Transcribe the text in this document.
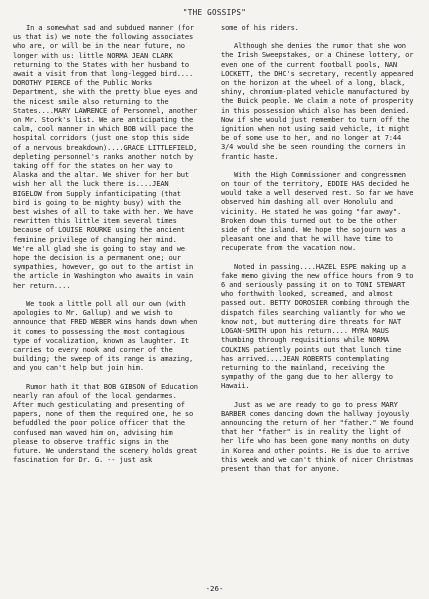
"THE GOSSIPS"

In a somewhat sad and subdued manner (for us that is) we note the following associates who are, or will be in the near future, no longer with us: little NORMA JEAN CLARK returning to the States with her husband to await a visit from that long-legged bird.... DOROTHY PIERCE of the Public Works Department, she with the pretty blue eyes and the nicest smile also returning to the States....MARY LAWRENCE of Personnel, another on Mr. Stork's list. We are anticipating the calm, cool manner in which BOB will pace the hospital corridors (just one stop this side of a nervous breakdown)....GRACE LITTLEFIELD, depleting personnel's ranks another notch by taking off for the states on her way to Alaska and the altar. We shiver for her but wish her all the luck there is....JEAN BIGELOW from Supply infanticipating (that bird is going to be mighty busy) with the best wishes of all to take with her. We have rewritten this little item several times because of LOUISE ROURKE using the ancient feminine privilege of changing her mind. We're all glad she is going to stay and we hope the decision is a permanent one; our sympathies, however, go out to the artist in the article in Washington who awaits in vain her return....

We took a little poll all our own (with apologies to Mr. Gallup) and we wish to announce that FRED WEBER wins hands down when it comes to possessing the most contagious type of vocalization, known as laughter. It carries to every nook and corner of the building; the sweep of its range is amazing, and you can't help but join him.

Rumor hath it that BOB GIBSON of Education nearly ran afoul of the local gendarmes. After much gesticulating and presenting of papers, none of them the required one, he so befuddled the poor police officer that the confused man waved him on, advising him please to observe traffic signs in the future. We understand the scenery holds great fascination for Dr. G. -- just ask

some of his riders.

Although she denies the rumor that she won the Irish Sweepstakes, or a Chinese lottery, or even one of the current football pools, NAN LOCKETT, the DHC's secretary, recently appeared on the horizon at the wheel of a long, black, shiny, chromium-plated vehicle manufactured by the Buick people. We claim a note of prosperity in this possession which also has been denied. Now if she would just remember to turn off the ignition when not using said vehicle, it might be of some use to her, and no longer at 7:44 3/4 would she be seen rounding the corners in frantic haste.

With the High Commissioner and congressmen on tour of the territory, EDDIE HAS decided he would take a well deserved rest. So far we have observed him dashing all over Honolulu and vicinity. He stated he was going "far away". Broken down this turned out to be the other side of the island. We hope the sojourn was a pleasant one and that he will have time to recuperate from the vacation now.

Noted in passing....HAZEL ESPE making up a fake memo giving the new office hours from 9 to 6 and seriously passing it on to TONI STEWART who forthwith looked, screamed, and almost passed out. BETTY DOROSIER combing through the dispatch files searching valiantly for who we know not, but muttering dire threats for NAT LOGAN-SMITH upon his return.... MYRA MAUS thumbing through requisitions while NORMA COLKINS patiently points out that lunch time has arrived....JEAN ROBERTS contemplating returning to the mainland, receiving the sympathy of the gang due to her allergy to Hawaii.

Just as we are ready to go to press MARY BARBER comes dancing down the hallway joyously announcing the return of her "father." We found that her "father" is in reality the light of her life who has been gone many months on duty in Korea and other points. He is due to arrive this week and we can't think of nicer Christmas present than that for anyone.

-26-
